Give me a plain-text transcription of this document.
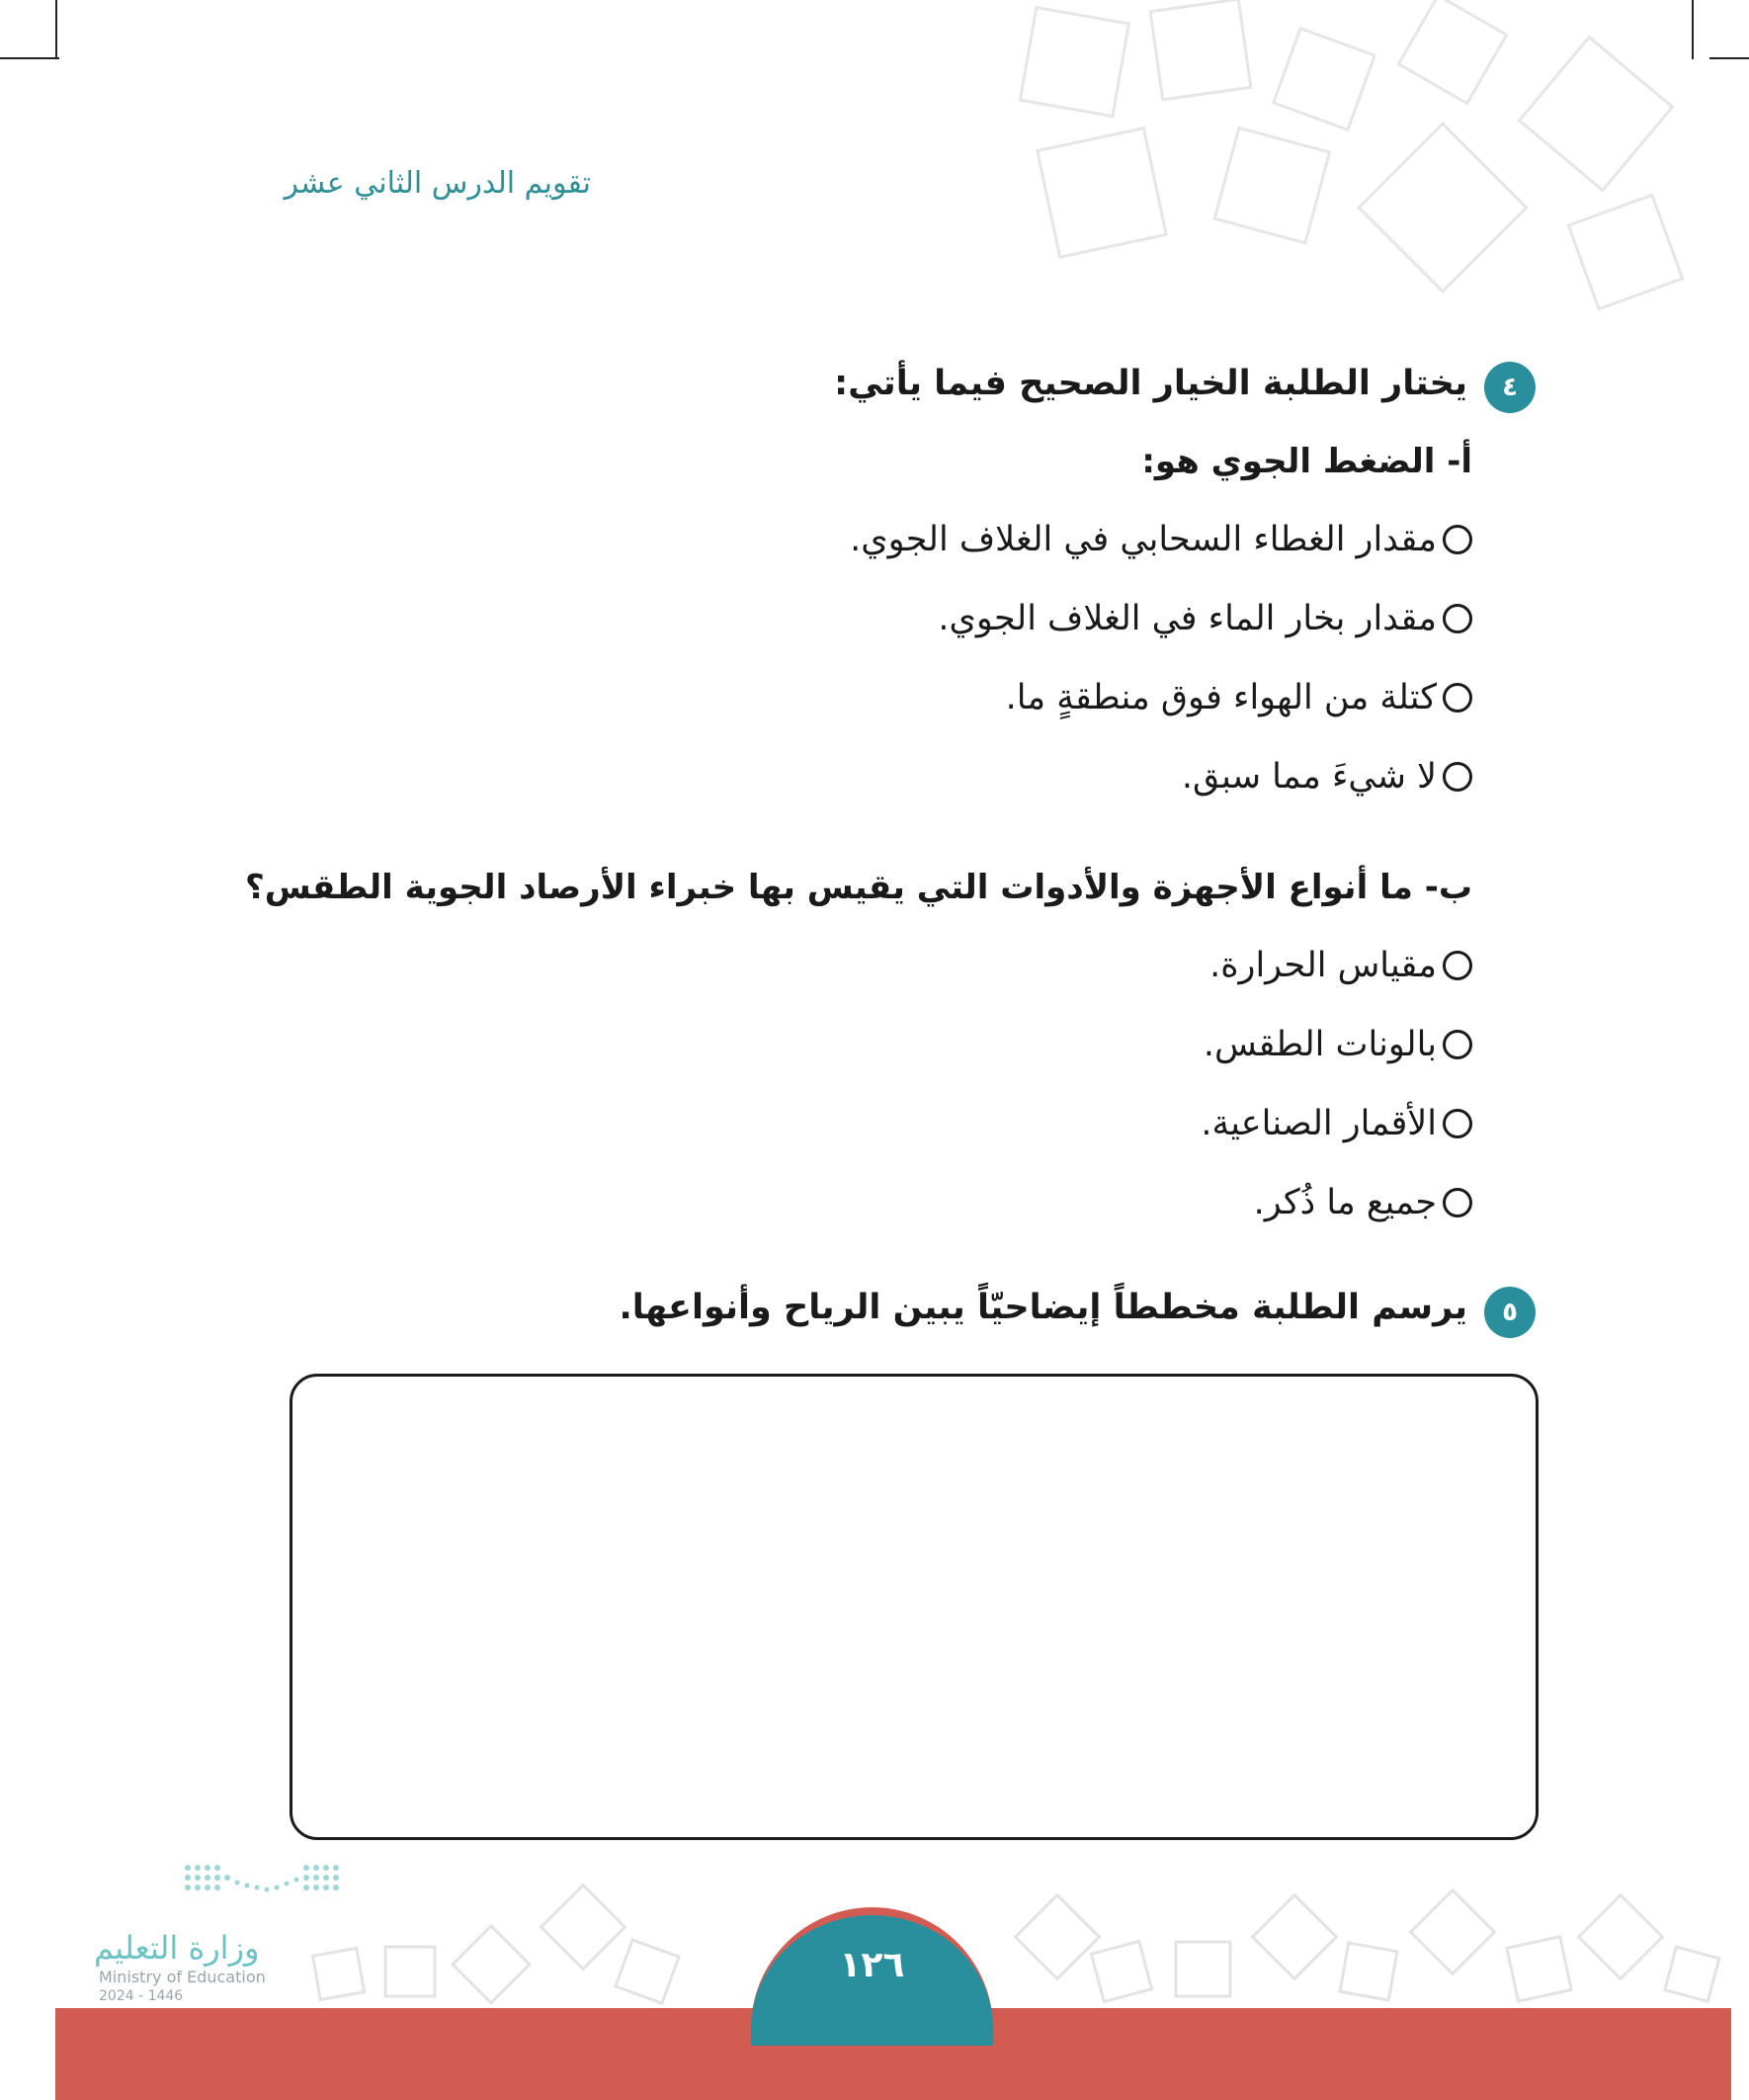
تقويم الدرس الثاني عشر
٤
يختار الطلبة الخيار الصحيح فيما يأتي:
أ- الضغط الجوي هو:
مقدار الغطاء السحابي في الغلاف الجوي.
مقدار بخار الماء في الغلاف الجوي.
كتلة من الهواء فوق منطقةٍ ما.
لا شيءَ مما سبق.
ب- ما أنواع الأجهزة والأدوات التي يقيس بها خبراء الأرصاد الجوية الطقس؟
مقياس الحرارة.
بالونات الطقس.
الأقمار الصناعية.
جميع ما ذُكر.
٥
يرسم الطلبة مخططاً إيضاحيّاً يبين الرياح وأنواعها.
١٢٦
وزارة التعليم
Ministry of Education
2024 - 1446
